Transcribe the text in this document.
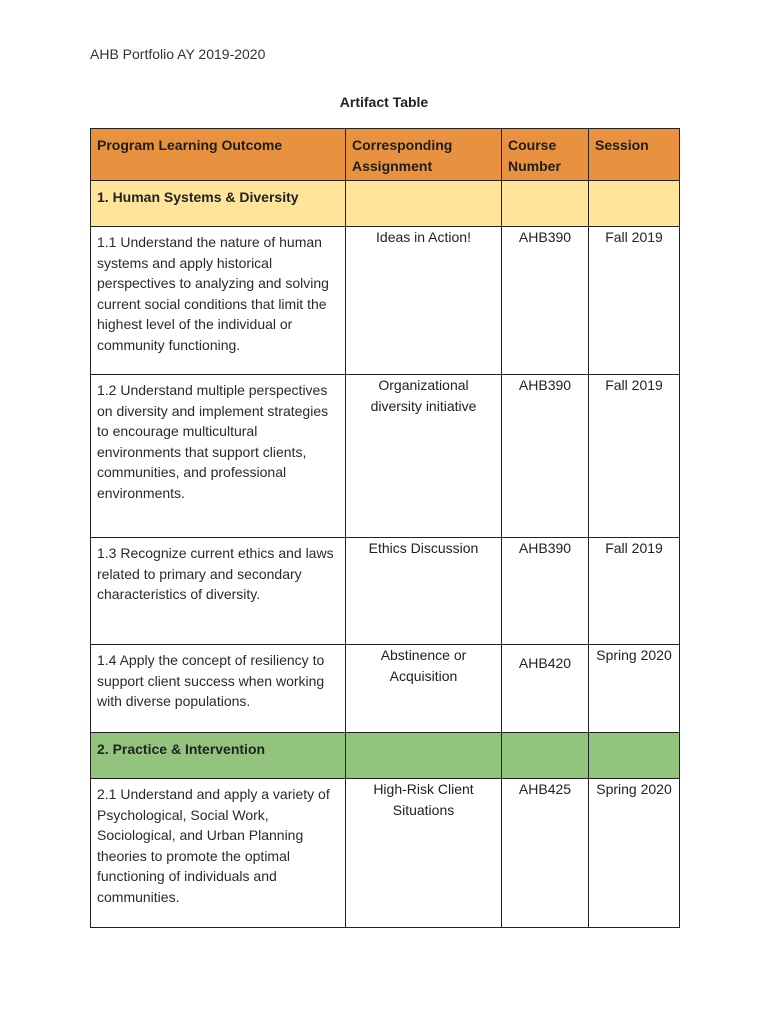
AHB Portfolio AY 2019-2020
Artifact Table
Program Learning Outcome	Corresponding Assignment	Course Number	Session
1. Human Systems & Diversity			
1.1 Understand the nature of human systems and apply historical perspectives to analyzing and solving current social conditions that limit the highest level of the individual or community functioning.	Ideas in Action!	AHB390	Fall 2019
1.2 Understand multiple perspectives on diversity and implement strategies to encourage multicultural environments that support clients, communities, and professional environments.	Organizational diversity initiative	AHB390	Fall 2019
1.3 Recognize current ethics and laws related to primary and secondary characteristics of diversity.	Ethics Discussion	AHB390	Fall 2019
1.4 Apply the concept of resiliency to support client success when working with diverse populations.	Abstinence or Acquisition	AHB420	Spring 2020
2. Practice & Intervention			
2.1 Understand and apply a variety of Psychological, Social Work, Sociological, and Urban Planning theories to promote the optimal functioning of individuals and communities.	High-Risk Client Situations	AHB425	Spring 2020
